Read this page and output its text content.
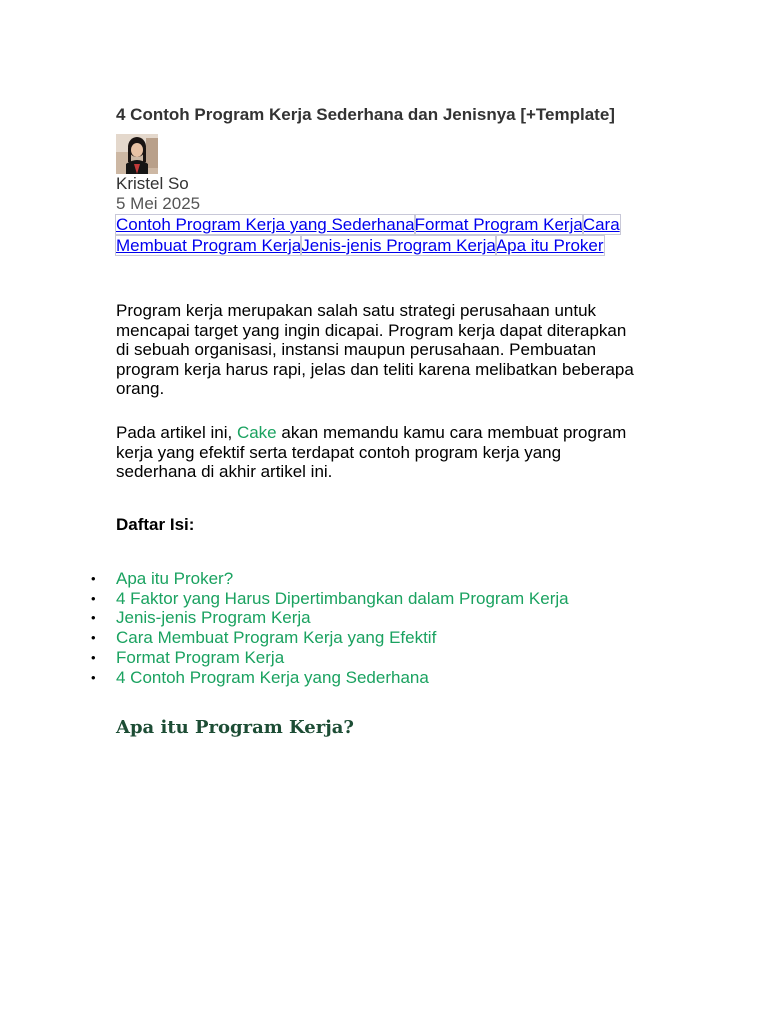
4 Contoh Program Kerja Sederhana dan Jenisnya [+Template]
Kristel So
5 Mei 2025
Contoh Program Kerja yang SederhanaFormat Program KerjaCara Membuat Program KerjaJenis-jenis Program KerjaApa itu Proker

Program kerja merupakan salah satu strategi perusahaan untuk mencapai target yang ingin dicapai. Program kerja dapat diterapkan di sebuah organisasi, instansi maupun perusahaan. Pembuatan program kerja harus rapi, jelas dan teliti karena melibatkan beberapa orang.

Pada artikel ini, Cake akan memandu kamu cara membuat program kerja yang efektif serta terdapat contoh program kerja yang sederhana di akhir artikel ini.

Daftar Isi:
• Apa itu Proker?
• 4 Faktor yang Harus Dipertimbangkan dalam Program Kerja
• Jenis-jenis Program Kerja
• Cara Membuat Program Kerja yang Efektif
• Format Program Kerja
• 4 Contoh Program Kerja yang Sederhana
Apa itu Program Kerja?
